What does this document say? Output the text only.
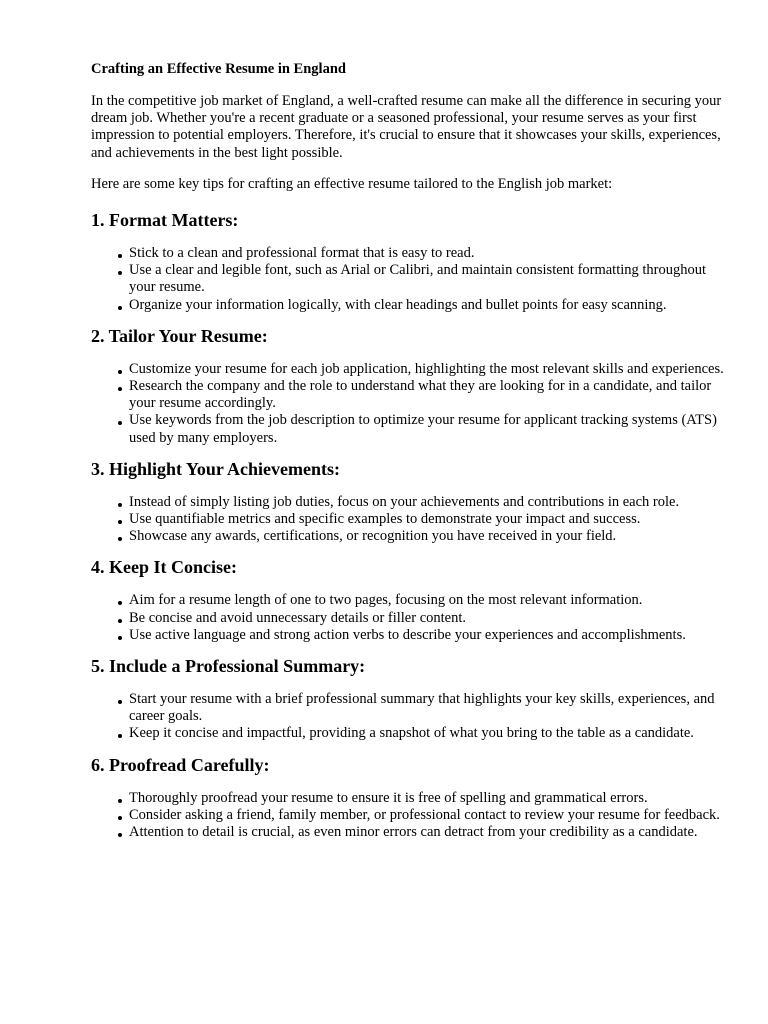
Crafting an Effective Resume in England

In the competitive job market of England, a well-crafted resume can make all the difference in securing your dream job. Whether you're a recent graduate or a seasoned professional, your resume serves as your first impression to potential employers. Therefore, it's crucial to ensure that it showcases your skills, experiences, and achievements in the best light possible.

Here are some key tips for crafting an effective resume tailored to the English job market:

1. Format Matters:
Stick to a clean and professional format that is easy to read.
Use a clear and legible font, such as Arial or Calibri, and maintain consistent formatting throughout your resume.
Organize your information logically, with clear headings and bullet points for easy scanning.
2. Tailor Your Resume:
Customize your resume for each job application, highlighting the most relevant skills and experiences.
Research the company and the role to understand what they are looking for in a candidate, and tailor your resume accordingly.
Use keywords from the job description to optimize your resume for applicant tracking systems (ATS) used by many employers.
3. Highlight Your Achievements:
Instead of simply listing job duties, focus on your achievements and contributions in each role.
Use quantifiable metrics and specific examples to demonstrate your impact and success.
Showcase any awards, certifications, or recognition you have received in your field.
4. Keep It Concise:
Aim for a resume length of one to two pages, focusing on the most relevant information.
Be concise and avoid unnecessary details or filler content.
Use active language and strong action verbs to describe your experiences and accomplishments.
5. Include a Professional Summary:
Start your resume with a brief professional summary that highlights your key skills, experiences, and career goals.
Keep it concise and impactful, providing a snapshot of what you bring to the table as a candidate.
6. Proofread Carefully:
Thoroughly proofread your resume to ensure it is free of spelling and grammatical errors.
Consider asking a friend, family member, or professional contact to review your resume for feedback.
Attention to detail is crucial, as even minor errors can detract from your credibility as a candidate.
